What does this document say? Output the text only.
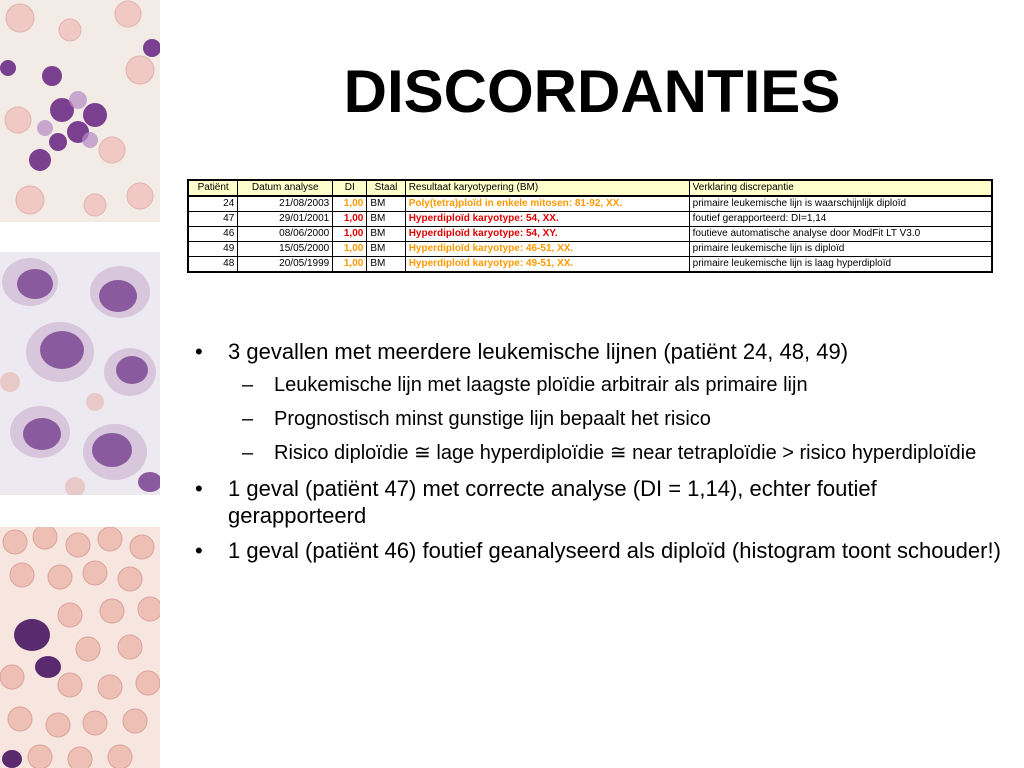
DISCORDANTIES
Patiënt	Datum analyse	DI	Staal	Resultaat karyotypering (BM)	Verklaring discrepantie
24	21/08/2003	1,00	BM	Poly(tetra)ploïd in enkele mitosen: 81-92, XX.	primaire leukemische lijn is waarschijnlijk diploïd
47	29/01/2001	1,00	BM	Hyperdiploïd karyotype: 54, XX.	foutief gerapporteerd: DI=1,14
46	08/06/2000	1,00	BM	Hyperdiploïd karyotype: 54, XY.	foutieve automatische analyse door ModFit LT V3.0
49	15/05/2000	1,00	BM	Hyperdiploïd karyotype: 46-51, XX.	primaire leukemische lijn is diploïd
48	20/05/1999	1,00	BM	Hyperdiploïd karyotype: 49-51, XX.	primaire leukemische lijn is laag hyperdiploïd
• 3 gevallen met meerdere leukemische lijnen (patiënt 24, 48, 49)
– Leukemische lijn met laagste ploïdie arbitrair als primaire lijn
– Prognostisch minst gunstige lijn bepaalt het risico
– Risico diploïdie ≅ lage hyperdiploïdie ≅ near tetraploïdie > risico hyperdiploïdie
• 1 geval (patiënt 47) met correcte analyse (DI = 1,14), echter foutief gerapporteerd
• 1 geval (patiënt 46) foutief geanalyseerd als diploïd (histogram toont schouder!)
